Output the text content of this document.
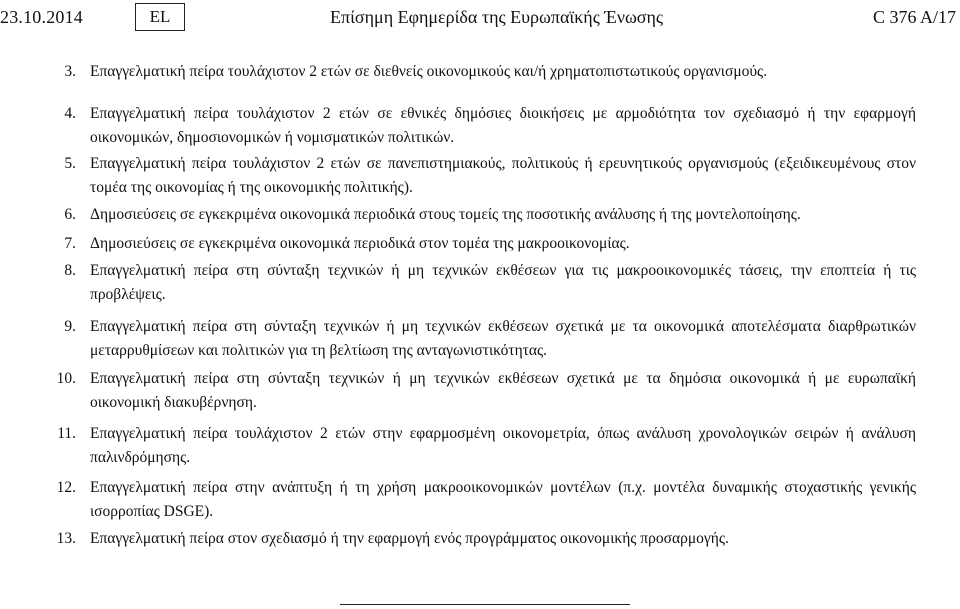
23.10.2014	EL	Επίσημη Εφημερίδα της Ευρωπαϊκής Ένωσης	C 376 A/17
3. Επαγγελματική πείρα τουλάχιστον 2 ετών σε διεθνείς οικονομικούς και/ή χρηματοπιστωτικούς οργανισμούς.
4. Επαγγελματική πείρα τουλάχιστον 2 ετών σε εθνικές δημόσιες διοικήσεις με αρμοδιότητα τον σχεδιασμό ή την εφαρμογή οικονομικών, δημοσιονομικών ή νομισματικών πολιτικών.
5. Επαγγελματική πείρα τουλάχιστον 2 ετών σε πανεπιστημιακούς, πολιτικούς ή ερευνητικούς οργανισμούς (εξειδικευμένους στον τομέα της οικονομίας ή της οικονομικής πολιτικής).
6. Δημοσιεύσεις σε εγκεκριμένα οικονομικά περιοδικά στους τομείς της ποσοτικής ανάλυσης ή της μοντελοποίησης.
7. Δημοσιεύσεις σε εγκεκριμένα οικονομικά περιοδικά στον τομέα της μακροοικονομίας.
8. Επαγγελματική πείρα στη σύνταξη τεχνικών ή μη τεχνικών εκθέσεων για τις μακροοικονομικές τάσεις, την εποπτεία ή τις προβλέψεις.
9. Επαγγελματική πείρα στη σύνταξη τεχνικών ή μη τεχνικών εκθέσεων σχετικά με τα οικονομικά αποτελέσματα διαρθρωτικών μεταρρυθμίσεων και πολιτικών για τη βελτίωση της ανταγωνιστικότητας.
10. Επαγγελματική πείρα στη σύνταξη τεχνικών ή μη τεχνικών εκθέσεων σχετικά με τα δημόσια οικονομικά ή με ευρωπαϊκή οικονομική διακυβέρνηση.
11. Επαγγελματική πείρα τουλάχιστον 2 ετών στην εφαρμοσμένη οικονομετρία, όπως ανάλυση χρονολογικών σειρών ή ανάλυση παλινδρόμησης.
12. Επαγγελματική πείρα στην ανάπτυξη ή τη χρήση μακροοικονομικών μοντέλων (π.χ. μοντέλα δυναμικής στοχαστικής γενικής ισορροπίας DSGE).
13. Επαγγελματική πείρα στον σχεδιασμό ή την εφαρμογή ενός προγράμματος οικονομικής προσαρμογής.
